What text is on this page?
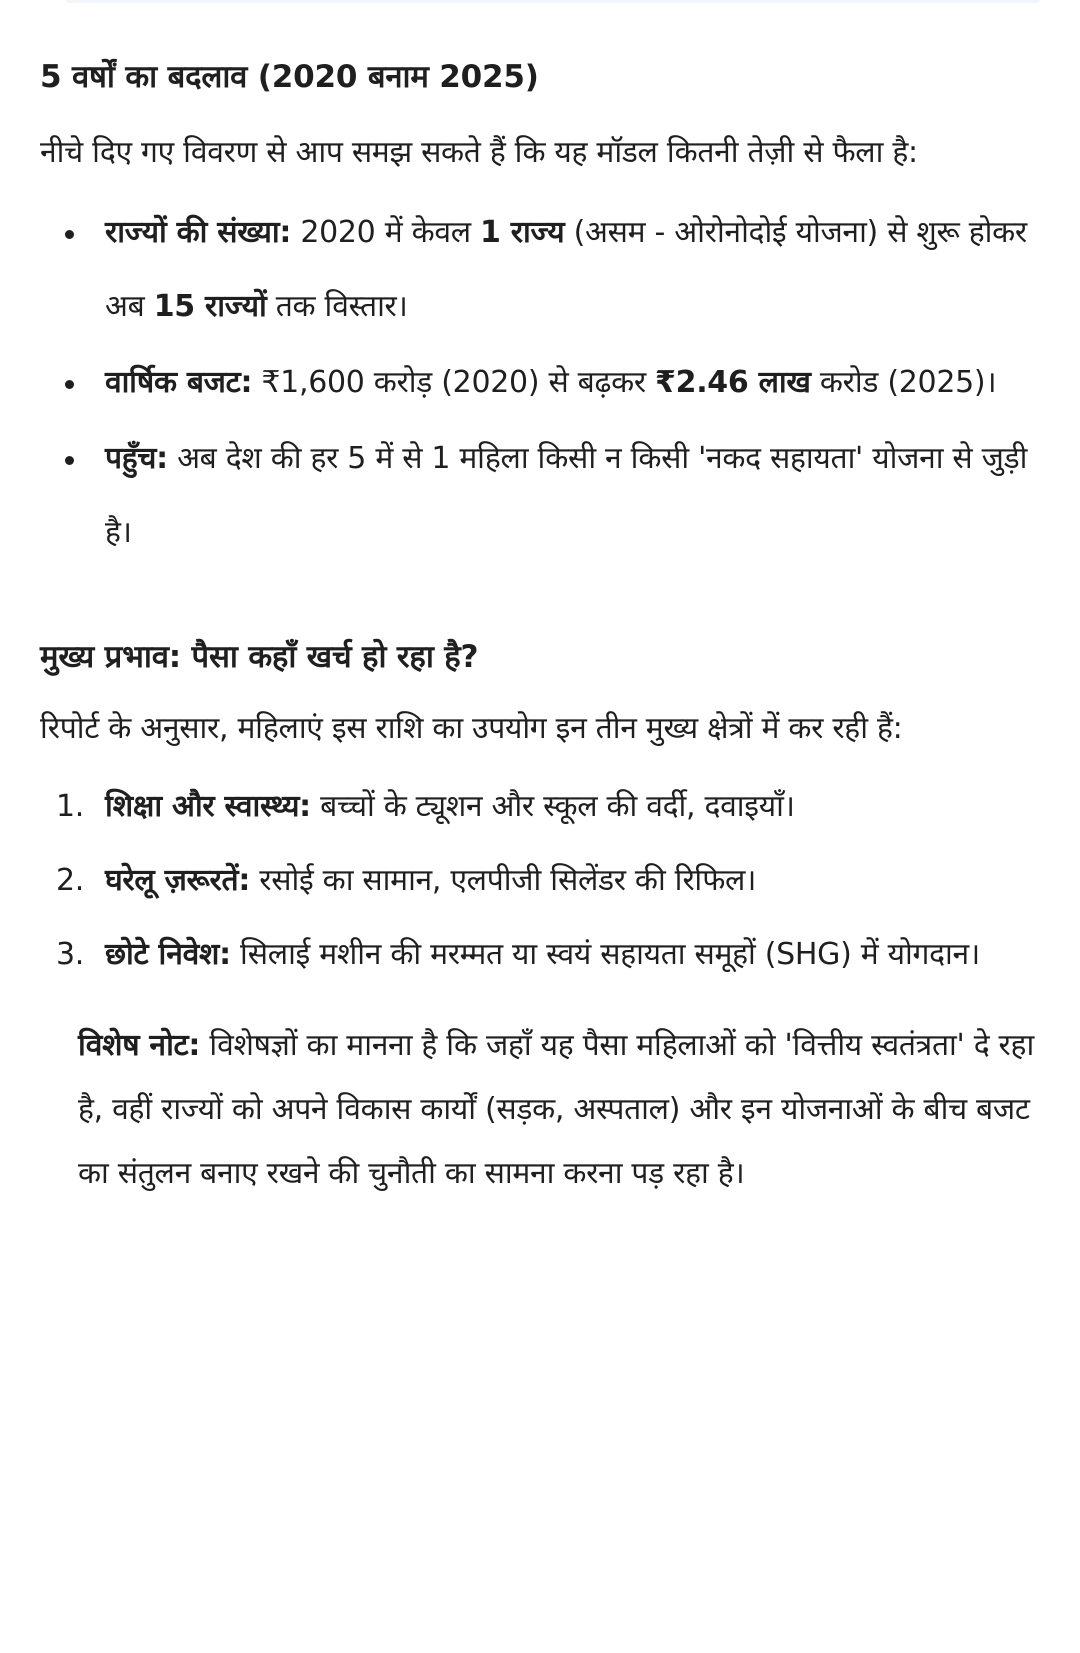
5 वर्षों का बदलाव (2020 बनाम 2025)

नीचे दिए गए विवरण से आप समझ सकते हैं कि यह मॉडल कितनी तेज़ी से फैला है:

राज्यों की संख्या: 2020 में केवल 1 राज्य (असम - ओरोनोदोई योजना) से शुरू होकर अब 15 राज्यों तक विस्तार।
वार्षिक बजट: ₹1,600 करोड़ (2020) से बढ़कर ₹2.46 लाख करोड (2025)।
पहुँच: अब देश की हर 5 में से 1 महिला किसी न किसी 'नकद सहायता' योजना से जुड़ी है।
मुख्य प्रभाव: पैसा कहाँ खर्च हो रहा है?

रिपोर्ट के अनुसार, महिलाएं इस राशि का उपयोग इन तीन मुख्य क्षेत्रों में कर रही हैं:

1. शिक्षा और स्वास्थ्य: बच्चों के ट्यूशन और स्कूल की वर्दी, दवाइयाँ।
2. घरेलू ज़रूरतें: रसोई का सामान, एलपीजी सिलेंडर की रिफिल।
3. छोटे निवेश: सिलाई मशीन की मरम्मत या स्वयं सहायता समूहों (SHG) में योगदान।
विशेष नोट: विशेषज्ञों का मानना है कि जहाँ यह पैसा महिलाओं को 'वित्तीय स्वतंत्रता' दे रहा है, वहीं राज्यों को अपने विकास कार्यों (सड़क, अस्पताल) और इन योजनाओं के बीच बजट का संतुलन बनाए रखने की चुनौती का सामना करना पड़ रहा है।
